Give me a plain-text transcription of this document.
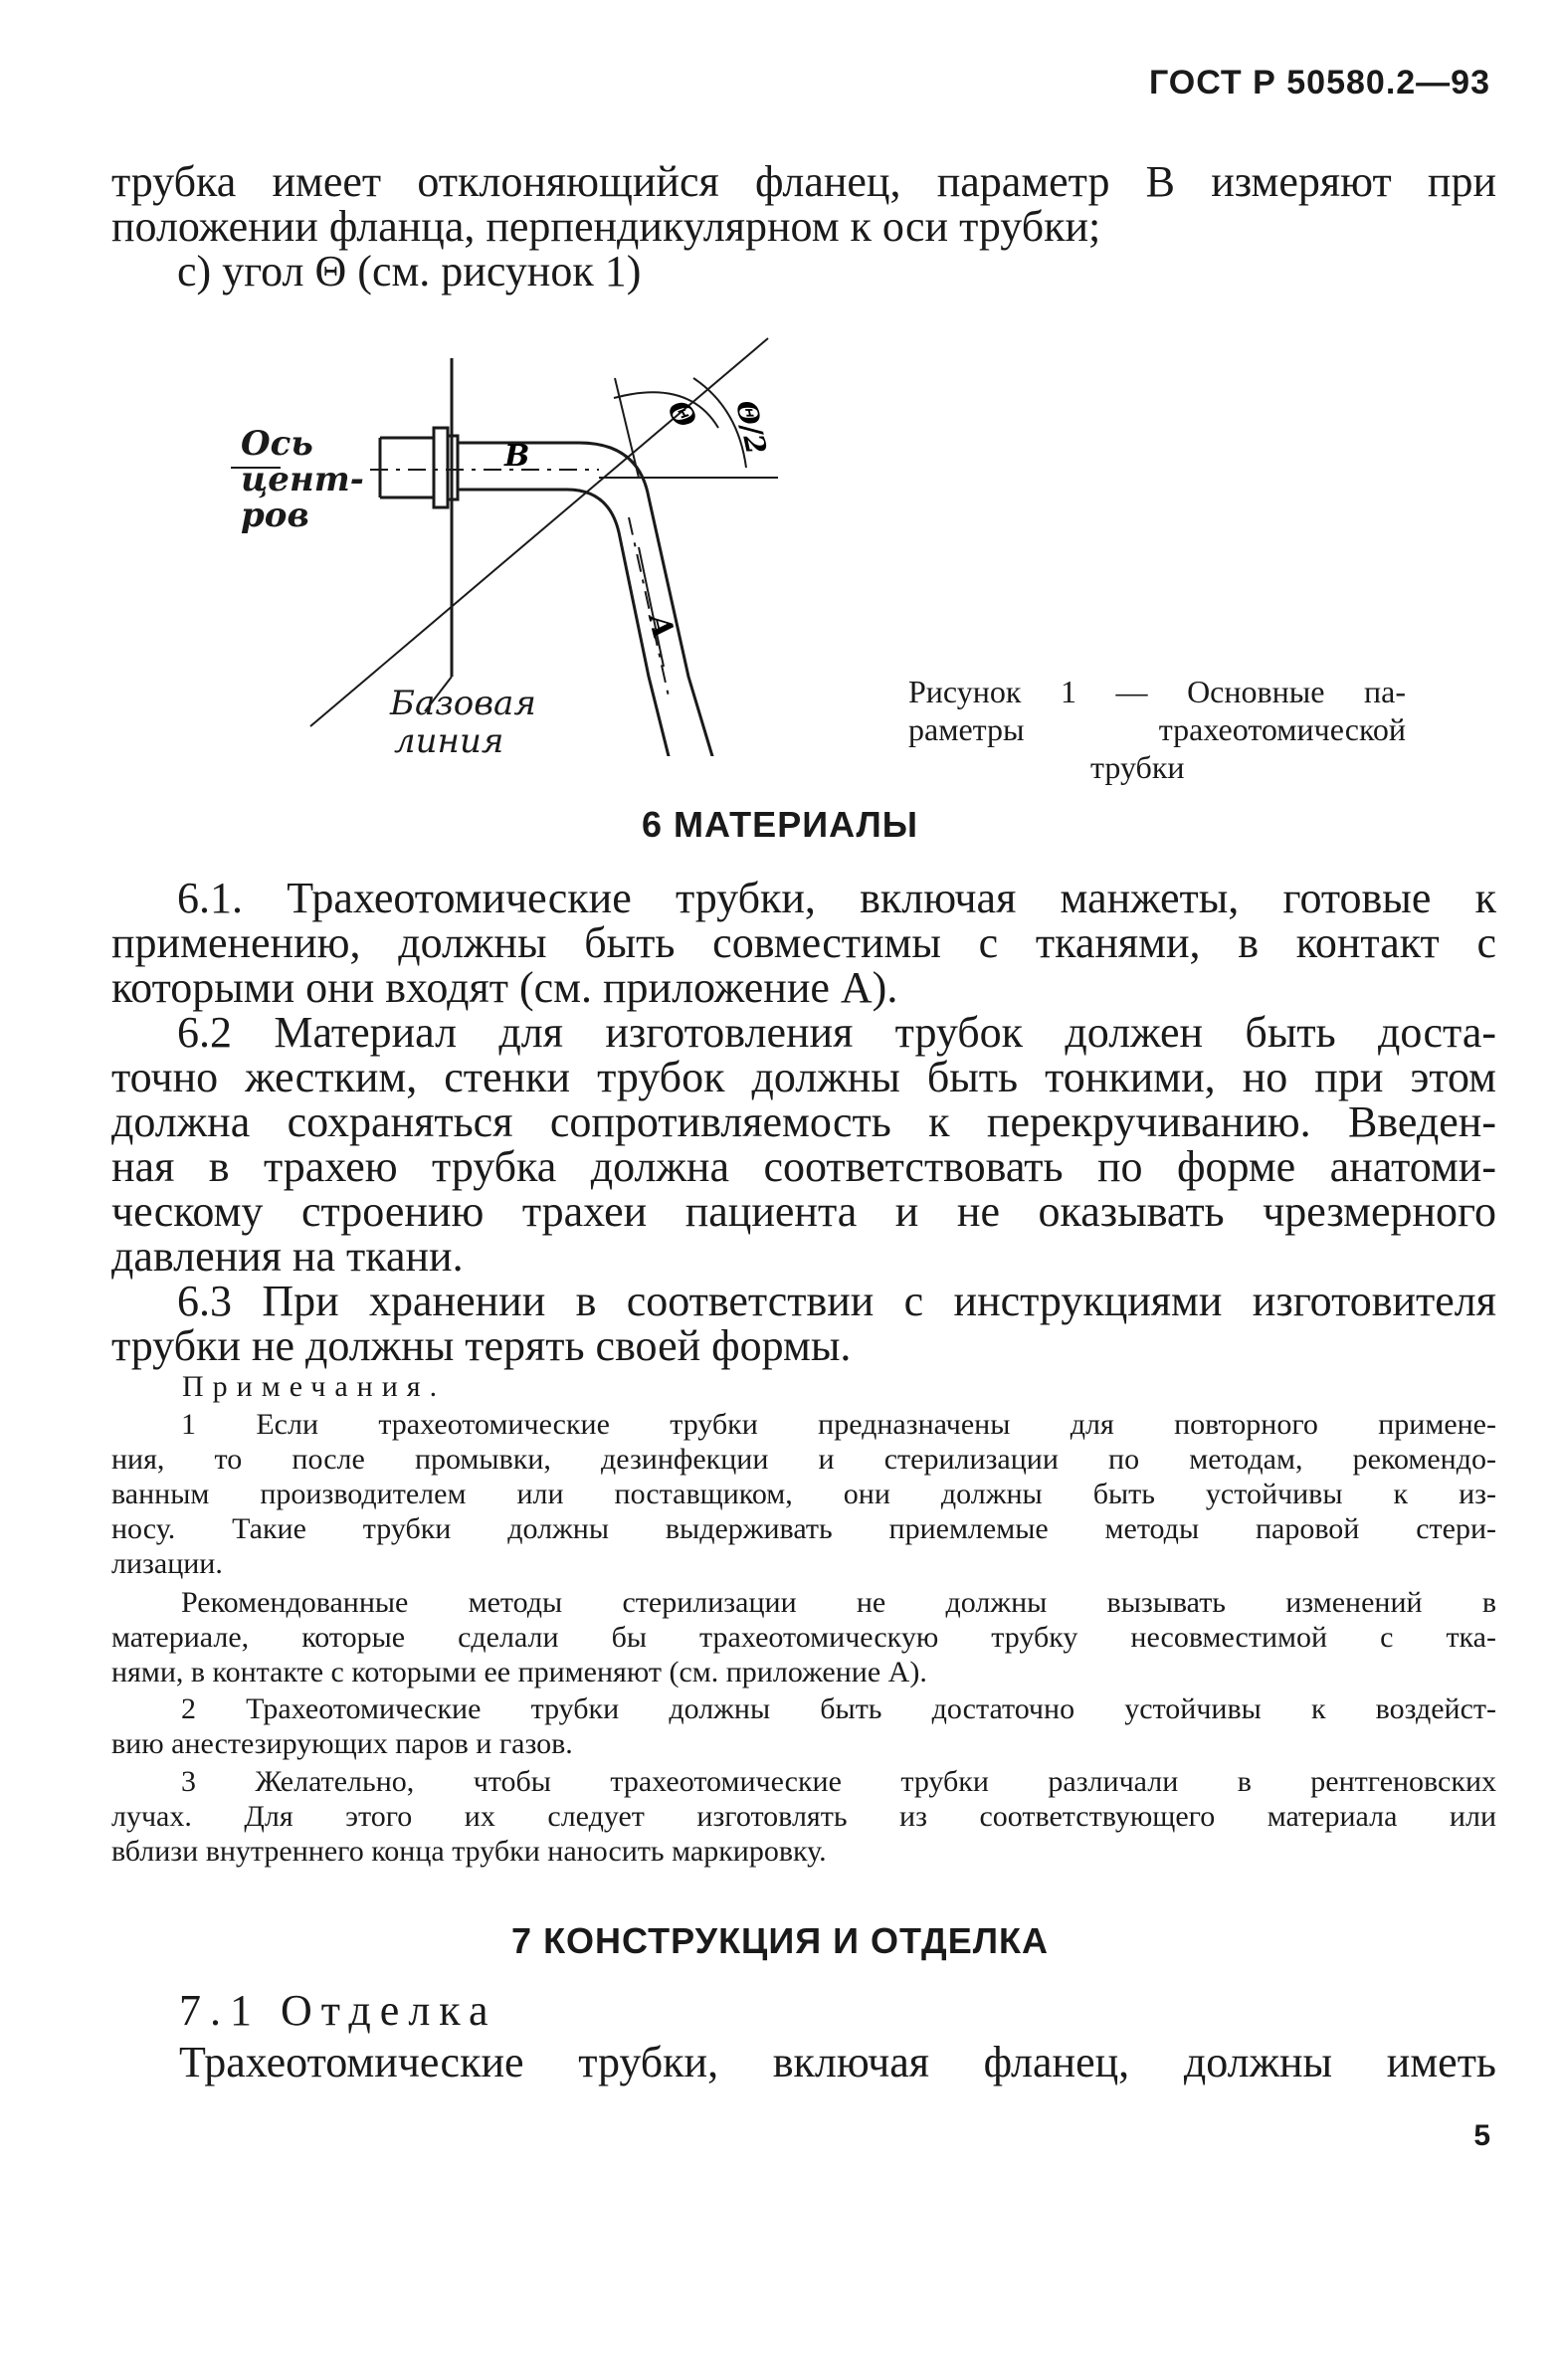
ГОСТ Р 50580.2—93
трубка имеет отклоняющийся фланец, параметр В измеряют при
положении фланца, перпендикулярном к оси трубки;
с) угол Θ (см. рисунок 1)
В
А
Θ Θ/2
Ось
цент-
ров
Базовая
линия
Рисунок 1 — Основные па-
раметры трахеотомической
трубки
6 МАТЕРИАЛЫ
6.1. Трахеотомические трубки, включая манжеты, готовые к
применению, должны быть совместимы с тканями, в контакт с
которыми они входят (см. приложение А).
6.2 Материал для изготовления трубок должен быть доста-
точно жестким, стенки трубок должны быть тонкими, но при этом
должна сохраняться сопротивляемость к перекручиванию. Введен-
ная в трахею трубка должна соответствовать по форме анатоми-
ческому строению трахеи пациента и не оказывать чрезмерного
давления на ткани.
6.3 При хранении в соответствии с инструкциями изготовителя
трубки не должны терять своей формы.
Примечания.
1 Если трахеотомические трубки предназначены для повторного примене-
ния, то после промывки, дезинфекции и стерилизации по методам, рекомендо-
ванным производителем или поставщиком, они должны быть устойчивы к из-
носу. Такие трубки должны выдерживать приемлемые методы паровой стери-
лизации.
Рекомендованные методы стерилизации не должны вызывать изменений в
материале, которые сделали бы трахеотомическую трубку несовместимой с тка-
нями, в контакте с которыми ее применяют (см. приложение А).
2 Трахеотомические трубки должны быть достаточно устойчивы к воздейст-
вию анестезирующих паров и газов.
3 Желательно, чтобы трахеотомические трубки различали в рентгеновских
лучах. Для этого их следует изготовлять из соответствующего материала или
вблизи внутреннего конца трубки наносить маркировку.
7 КОНСТРУКЦИЯ И ОТДЕЛКА
7.1 Отделка
Трахеотомические трубки, включая фланец, должны иметь
5
